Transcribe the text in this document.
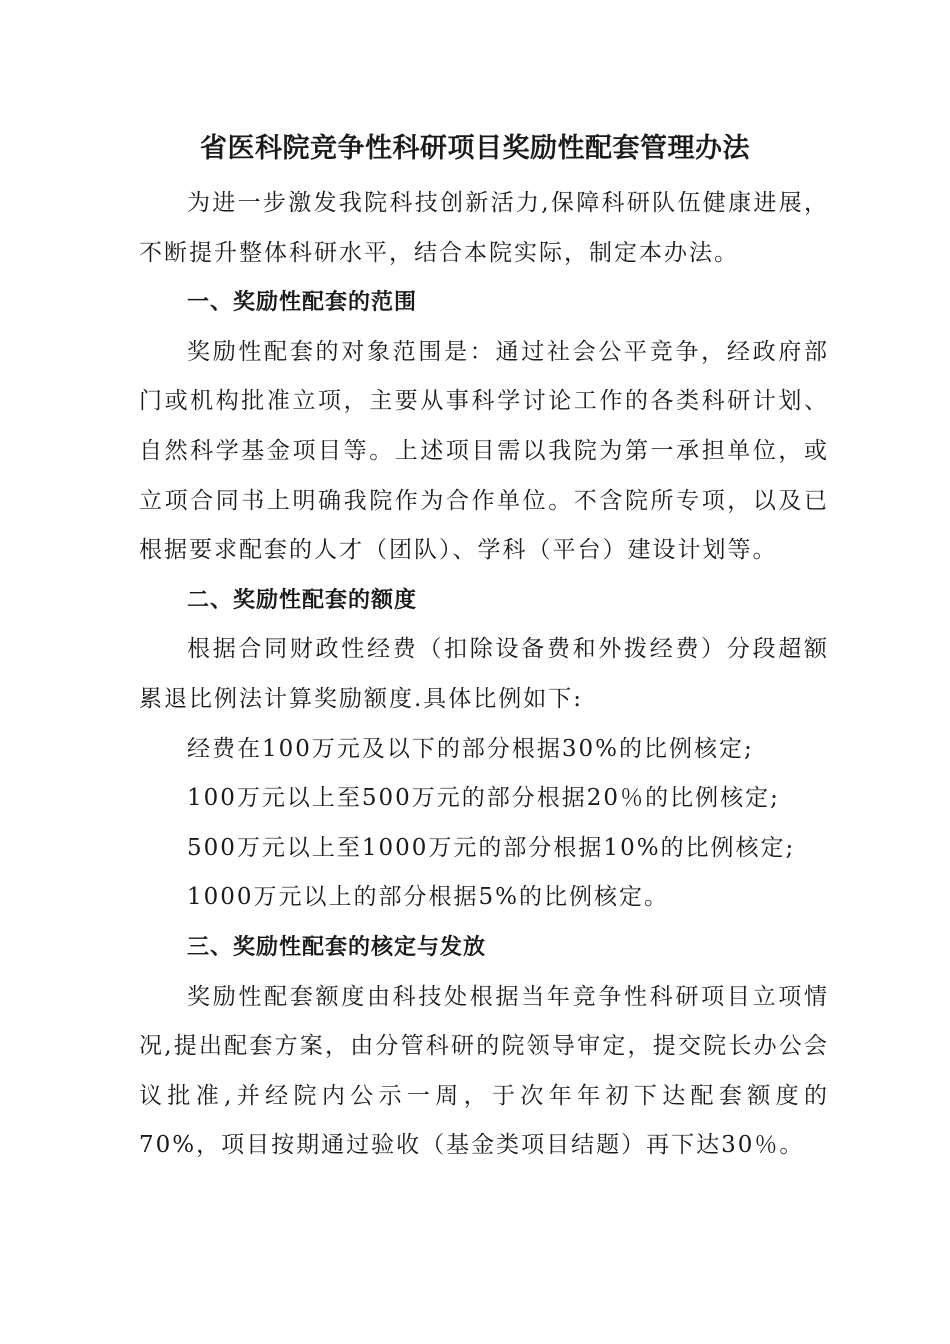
省医科院竞争性科研项目奖励性配套管理办法

为进一步激发我院科技创新活力,保障科研队伍健康进展，不断提升整体科研水平，结合本院实际，制定本办法。

一、奖励性配套的范围

奖励性配套的对象范围是：通过社会公平竞争，经政府部门或机构批准立项，主要从事科学讨论工作的各类科研计划、自然科学基金项目等。上述项目需以我院为第一承担单位，或立项合同书上明确我院作为合作单位。不含院所专项，以及已根据要求配套的人才（团队）、学科（平台）建设计划等。

二、奖励性配套的额度

根据合同财政性经费（扣除设备费和外拨经费）分段超额累退比例法计算奖励额度.具体比例如下:

经费在100万元及以下的部分根据30%的比例核定;

100万元以上至500万元的部分根据20％的比例核定;

500万元以上至1000万元的部分根据10%的比例核定;

1000万元以上的部分根据5%的比例核定。

三、奖励性配套的核定与发放

奖励性配套额度由科技处根据当年竞争性科研项目立项情况,提出配套方案，由分管科研的院领导审定，提交院长办公会议批准,并经院内公示一周，于次年年初下达配套额度的70%，项目按期通过验收（基金类项目结题）再下达30％。
